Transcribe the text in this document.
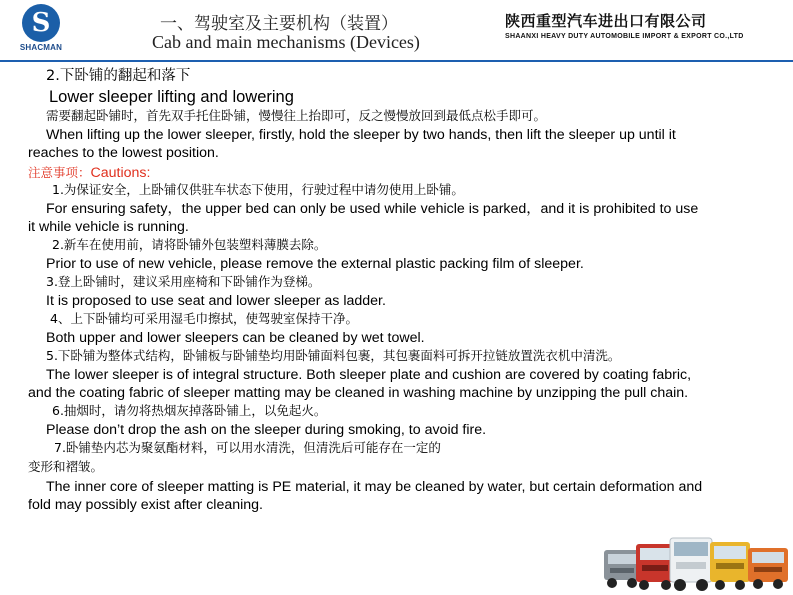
S
SHACMAN
一、驾驶室及主要机构（装置）
Cab and main mechanisms (Devices)
陕西重型汽车进出口有限公司
SHAANXI HEAVY DUTY AUTOMOBILE IMPORT & EXPORT CO.,LTD
2.下卧铺的翻起和落下
Lower sleeper lifting and lowering
需要翻起卧铺时，首先双手托住卧铺，慢慢往上抬即可，反之慢慢放回到最低点松手即可。
When lifting up the lower sleeper, firstly, hold the sleeper by two hands, then lift the sleeper up until it
reaches to the lowest position.
注意事项：Cautions:
1.为保证安全，上卧铺仅供驻车状态下使用，行驶过程中请勿使用上卧铺。
For ensuring safety，the upper bed can only be used while vehicle is parked，and it is prohibited to use
it while vehicle is running.
2.新车在使用前，请将卧铺外包装塑料薄膜去除。
Prior to use of new vehicle, please remove the external plastic packing film of sleeper.
3.登上卧铺时，建议采用座椅和下卧铺作为登梯。
It is proposed to use seat and lower sleeper as ladder.
4、上下卧铺均可采用湿毛巾擦拭，使驾驶室保持干净。
Both upper and lower sleepers can be cleaned by wet towel.
5.下卧铺为整体式结构，卧铺板与卧铺垫均用卧铺面料包裹，其包裹面料可拆开拉链放置洗衣机中清洗。
The lower sleeper is of integral structure. Both sleeper plate and cushion are covered by coating fabric,
and the coating fabric of sleeper matting may be cleaned in washing machine by unzipping the pull chain.
6.抽烟时，请勿将热烟灰掉落卧铺上，以免起火。
Please don’t drop the ash on the sleeper during smoking, to avoid fire.
7.卧铺垫内芯为聚氨酯材料，可以用水清洗，但清洗后可能存在一定的
变形和褶皱。
The inner core of sleeper matting is PE material, it may be cleaned by water, but certain deformation and
fold may possibly exist after cleaning.
